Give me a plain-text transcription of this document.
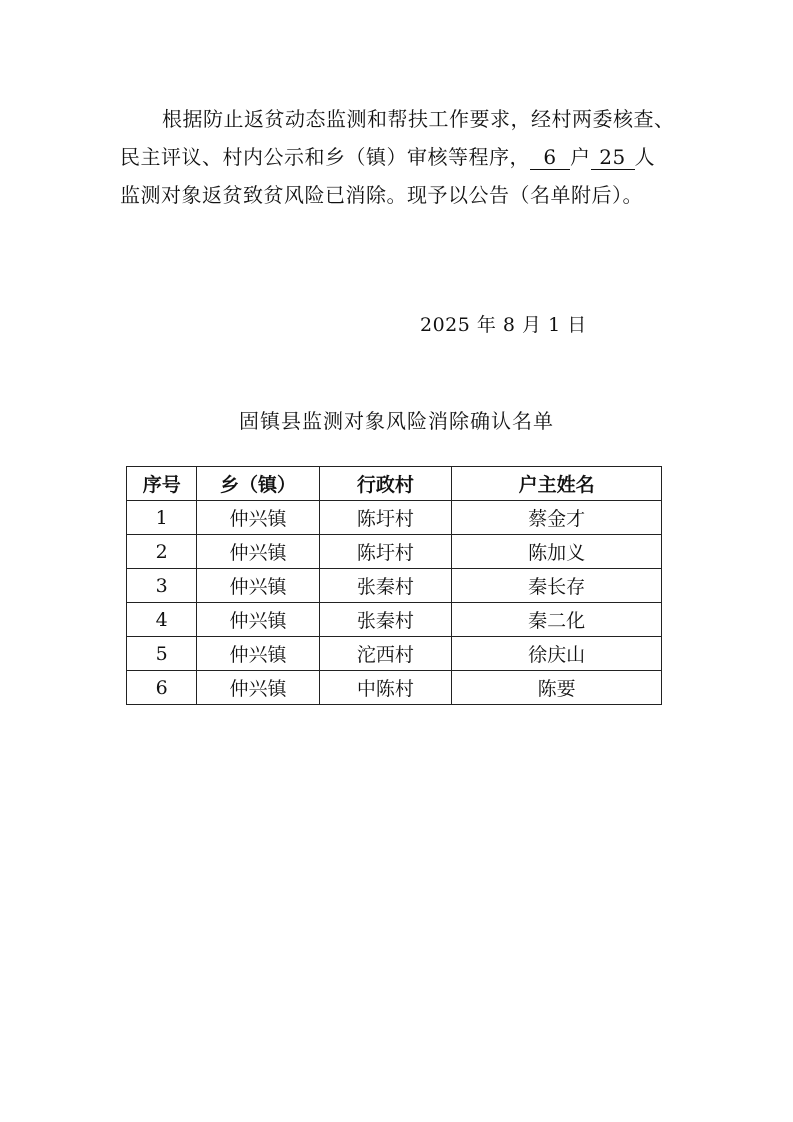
根据防止返贫动态监测和帮扶工作要求，经村两委核查、
民主评议、村内公示和乡（镇）审核等程序， 6 户 25 人
监测对象返贫致贫风险已消除。现予以公告（名单附后）。
2025 年 8 月 1 日
固镇县监测对象风险消除确认名单
序号	乡（镇）	行政村	户主姓名
1	仲兴镇	陈圩村	蔡金才
2	仲兴镇	陈圩村	陈加义
3	仲兴镇	张秦村	秦长存
4	仲兴镇	张秦村	秦二化
5	仲兴镇	沱西村	徐庆山
6	仲兴镇	中陈村	陈要
